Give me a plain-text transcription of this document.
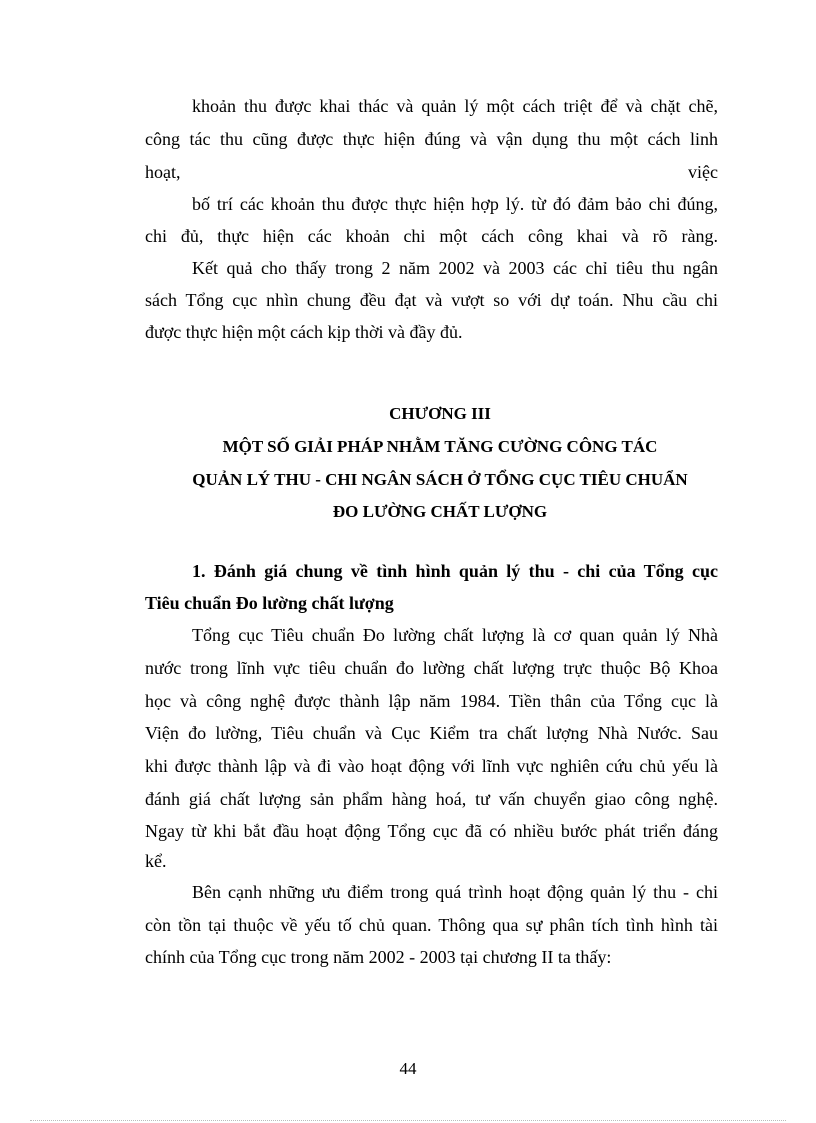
khoản thu được khai thác và quản lý một cách triệt để và chặt chẽ,
công tác thu cũng được thực hiện đúng và vận dụng thu một cách linh
hoạt,	việc
bố trí các khoản thu được thực hiện hợp lý. từ đó đảm bảo chi đúng,
chi đủ, thực hiện các khoản chi một cách công khai và rõ ràng.
Kết quả cho thấy trong 2 năm 2002 và 2003 các chỉ tiêu thu ngân
sách Tổng cục nhìn chung đều đạt và vượt so với dự toán. Nhu cầu chi
được thực hiện một cách kịp thời và đầy đủ.
CHƯƠNG III
MỘT SỐ GIẢI PHÁP NHẰM TĂNG CƯỜNG CÔNG TÁC
QUẢN LÝ THU - CHI NGÂN SÁCH Ở TỔNG CỤC TIÊU CHUẨN
ĐO LƯỜNG CHẤT LƯỢNG
1. Đánh giá chung về tình hình quản lý thu - chi của Tổng cục
Tiêu chuẩn Đo lường chất lượng
Tổng cục Tiêu chuẩn Đo lường chất lượng là cơ quan quản lý Nhà
nước trong lĩnh vực tiêu chuẩn đo lường chất lượng trực thuộc Bộ Khoa
học và công nghệ được thành lập năm 1984. Tiền thân của Tổng cục là
Viện đo lường, Tiêu chuẩn và Cục Kiểm tra chất lượng Nhà Nước. Sau
khi được thành lập và đi vào hoạt động với lĩnh vực nghiên cứu chủ yếu là
đánh giá chất lượng sản phẩm hàng hoá, tư vấn chuyển giao công nghệ.
Ngay từ khi bắt đầu hoạt động Tổng cục đã có nhiều bước phát triển đáng
kể.
Bên cạnh những ưu điểm trong quá trình hoạt động quản lý thu - chi
còn tồn tại thuộc về yếu tố chủ quan. Thông qua sự phân tích tình hình tài
chính của Tổng cục trong năm 2002 - 2003 tại chương II ta thấy:
44
